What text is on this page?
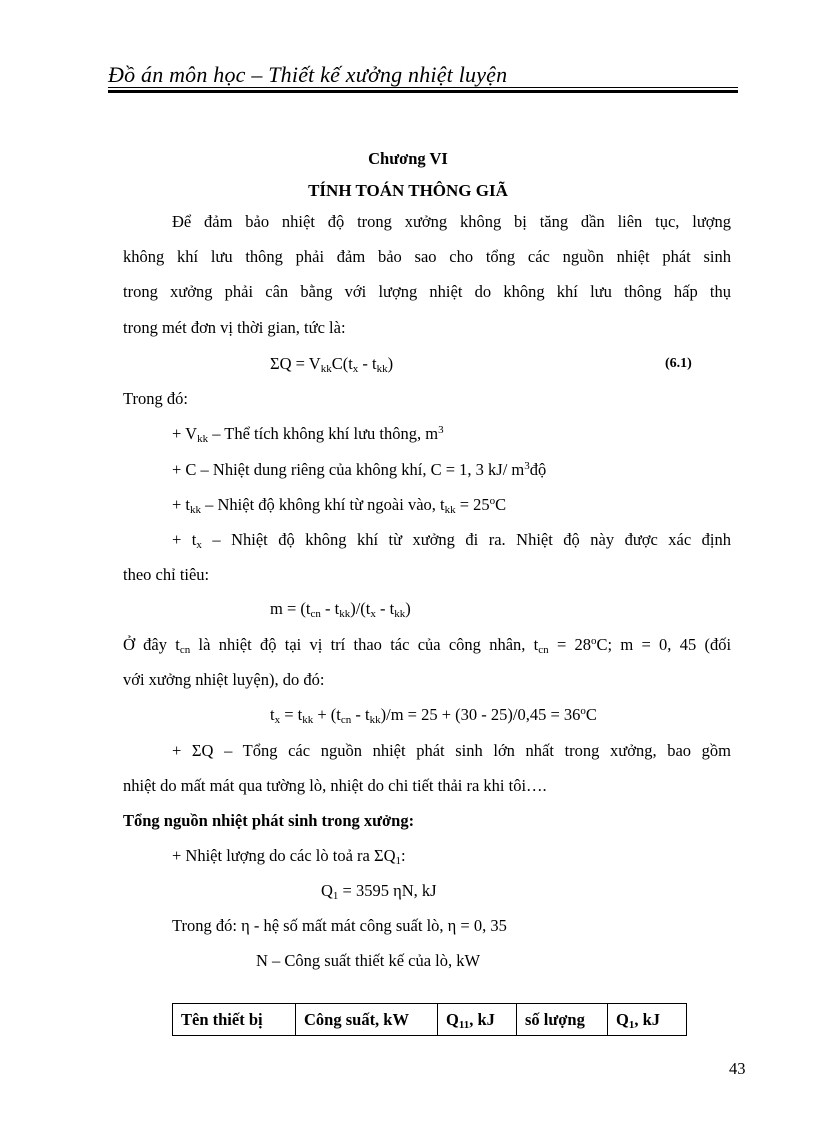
Đồ án môn học – Thiết kế xưởng nhiệt luyện
Chương VI
TÍNH TOÁN THÔNG GIÃ
Để đảm bảo nhiệt độ trong xưởng không bị tăng dần liên tục, lượng
không khí lưu thông phải đảm bảo sao cho tổng các nguồn nhiệt phát sinh
trong xưởng phải cân bằng với lượng nhiệt do không khí lưu thông hấp thụ
trong mét đơn vị thời gian, tức là:
$\Sigma Q = V_{kk}C(t_x - t_{kk})$	(6.1)
Trong đó:
+ $V_{kk}$ – Thể tích không khí lưu thông, $m^3$
+ C – Nhiệt dung riêng của không khí, C = 1, 3 kJ/ $m^3độ$
+ $t_{kk}$ – Nhiệt độ không khí từ ngoài vào, $t_{kk} = 25^oC$
+ $t_x$ – Nhiệt độ không khí từ xưởng đi ra. Nhiệt độ này được xác định
theo chỉ tiêu:
$m = (t_{cn} - t_{kk})/(t_x - t_{kk})$
Ở đây $t_{cn}$ là nhiệt độ tại vị trí thao tác của công nhân, $t_{cn} = 28^oC$; m = 0, 45 (đối
với xưởng nhiệt luyện), do đó:
$t_x = t_{kk} + (t_{cn} - t_{kk})/m = 25 + (30 - 25)/0,45 = 36^oC$
+ ΣQ – Tổng các nguồn nhiệt phát sinh lớn nhất trong xưởng, bao gồm
nhiệt do mất mát qua tường lò, nhiệt do chi tiết thải ra khi tôi….
Tổng nguồn nhiệt phát sinh trong xưởng:
+ Nhiệt lượng do các lò toả ra $\Sigma Q_1$:
$Q_1 = 3595$ ηN, kJ
Trong đó: η - hệ số mất mát công suất lò, η = 0, 35
N – Công suất thiết kế của lò, kW
Tên thiết bị	Công suất, kW	$Q_{11}$, kJ	số lượng	$Q_1$, kJ
43
